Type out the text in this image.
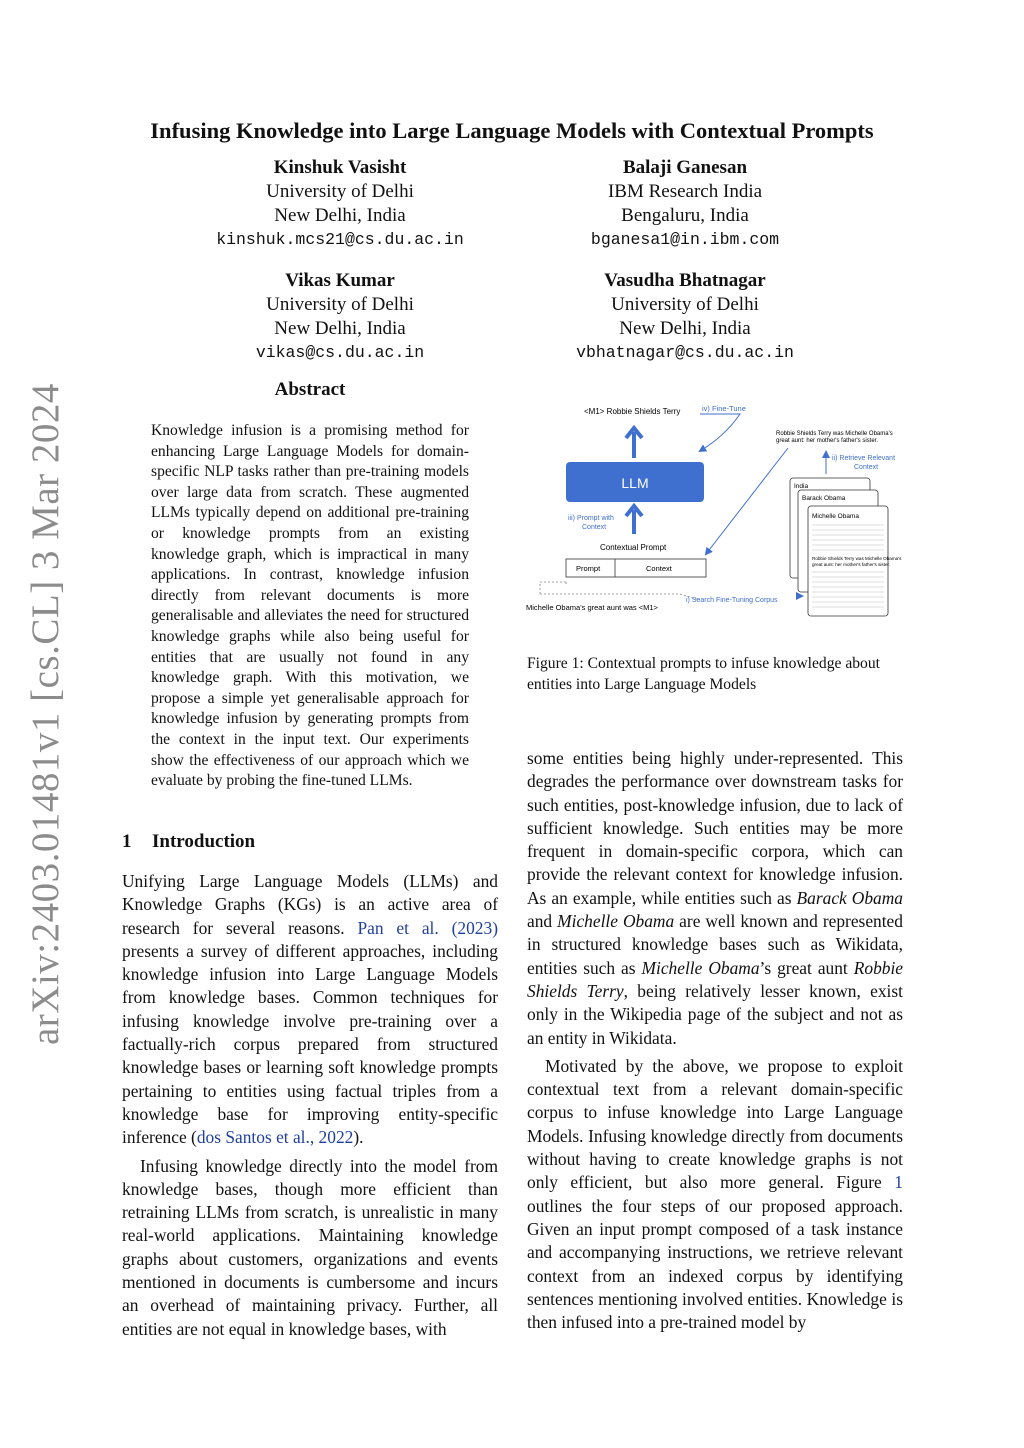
arXiv:2403.01481v1 [cs.CL] 3 Mar 2024
Infusing Knowledge into Large Language Models with Contextual Prompts
Kinshuk Vasisht
University of Delhi
New Delhi, India
kinshuk.mcs21@cs.du.ac.in
Balaji Ganesan
IBM Research India
Bengaluru, India
bganesa1@in.ibm.com
Vikas Kumar
University of Delhi
New Delhi, India
vikas@cs.du.ac.in
Vasudha Bhatnagar
University of Delhi
New Delhi, India
vbhatnagar@cs.du.ac.in
Abstract
Knowledge infusion is a promising method for enhancing Large Language Models for domain-specific NLP tasks rather than pre-training models over large data from scratch. These augmented LLMs typically depend on additional pre-training or knowledge prompts from an existing knowledge graph, which is impractical in many applications. In contrast, knowledge infusion directly from relevant documents is more generalisable and alleviates the need for structured knowledge graphs while also being useful for entities that are usually not found in any knowledge graph. With this motivation, we propose a simple yet generalisable approach for knowledge infusion by generating prompts from the context in the input text. Our experiments show the effectiveness of our approach which we evaluate by probing the fine-tuned LLMs.
1 Introduction

Unifying Large Language Models (LLMs) and Knowledge Graphs (KGs) is an active area of research for several reasons. Pan et al. (2023) presents a survey of different approaches, including knowledge infusion into Large Language Models from knowledge bases. Common techniques for infusing knowledge involve pre-training over a factually-rich corpus prepared from structured knowledge bases or learning soft knowledge prompts pertaining to entities using factual triples from a knowledge base for improving entity-specific inference (dos Santos et al., 2022).

Infusing knowledge directly into the model from knowledge bases, though more efficient than retraining LLMs from scratch, is unrealistic in many real-world applications. Maintaining knowledge graphs about customers, organizations and events mentioned in documents is cumbersome and incurs an overhead of maintaining privacy. Further, all entities are not equal in knowledge bases, with

<M1> Robbie Shields Terry	iv) Fine-Tune
LLM
iii) Prompt with
Context
Contextual Prompt
Prompt	Context
Michelle Obama's great aunt was <M1>
i) Search Fine-Tuning Corpus
Robbie Shields Terry was Michelle Obama's
great aunt: her mother's father's sister.
ii) Retrieve Relevant
Context
India
Barack Obama
Michelle Obama
Robbie Shields Terry was Michelle Obama's
great aunt: her mother's father's sister.
Figure 1: Contextual prompts to infuse knowledge about entities into Large Language Models

some entities being highly under-represented. This degrades the performance over downstream tasks for such entities, post-knowledge infusion, due to lack of sufficient knowledge. Such entities may be more frequent in domain-specific corpora, which can provide the relevant context for knowledge infusion. As an example, while entities such as Barack Obama and Michelle Obama are well known and represented in structured knowledge bases such as Wikidata, entities such as Michelle Obama’s great aunt Robbie Shields Terry, being relatively lesser known, exist only in the Wikipedia page of the subject and not as an entity in Wikidata.

Motivated by the above, we propose to exploit contextual text from a relevant domain-specific corpus to infuse knowledge into Large Language Models. Infusing knowledge directly from documents without having to create knowledge graphs is not only efficient, but also more general. Figure 1 outlines the four steps of our proposed approach. Given an input prompt composed of a task instance and accompanying instructions, we retrieve relevant context from an indexed corpus by identifying sentences mentioning involved entities. Knowledge is then infused into a pre-trained model by
